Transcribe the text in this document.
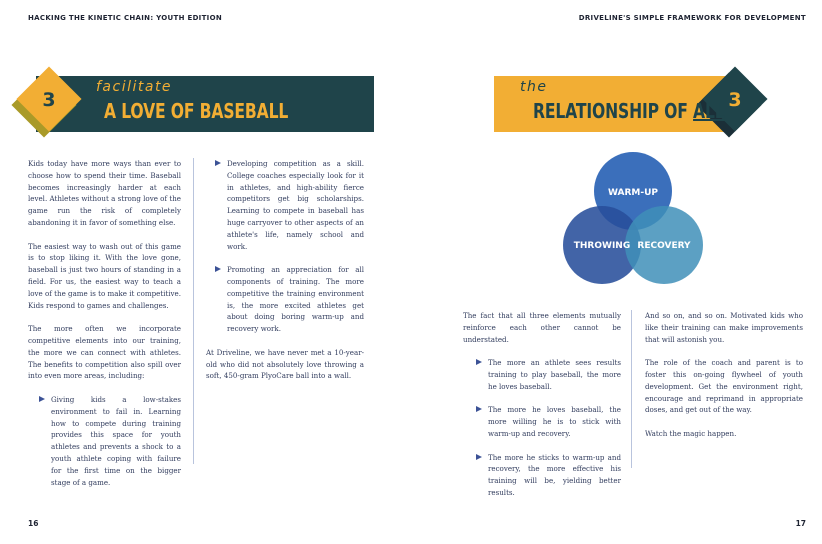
HACKING THE KINETIC CHAIN: YOUTH EDITION	DRIVELINE'S SIMPLE FRAMEWORK FOR DEVELOPMENT
3
facilitate
A LOVE OF BASEBALL

Kids today have more ways than ever to choose how to spend their time. Baseball becomes increasingly harder at each level. Athletes without a strong love of the game run the risk of completely abandoning it in favor of something else.

The easiest way to wash out of this game is to stop liking it. With the love gone, baseball is just two hours of standing in a field. For us, the easiest way to teach a love of the game is to make it competitive. Kids respond to games and challenges.

The more often we incorporate competitive elements into our training, the more we can connect with athletes. The benefits to competition also spill over into even more areas, including:

Giving kids a low-stakes environment to fail in. Learning how to compete during training provides this space for youth athletes and prevents a shock to a youth athlete coping with failure for the first time on the bigger stage of a game.
Developing competition as a skill. College coaches especially look for it in athletes, and high-ability fierce competitors get big scholarships. Learning to compete in baseball has huge carryover to other aspects of an athlete's life, namely school and work.
Promoting an appreciation for all components of training. The more competitive the training environment is, the more excited athletes get about doing boring warm-up and recovery work.

At Driveline, we have never met a 10-year-old who did not absolutely love throwing a soft, 450-gram PlyoCare ball into a wall.

3
the
RELATIONSHIP OF ALL
WARM-UP
THROWING RECOVERY

The fact that all three elements mutually reinforce each other cannot be understated.

The more an athlete sees results training to play baseball, the more he loves baseball.
The more he loves baseball, the more willing he is to stick with warm-up and recovery.
The more he sticks to warm-up and recovery, the more effective his training will be, yielding better results.

And so on, and so on. Motivated kids who like their training can make improvements that will astonish you.

The role of the coach and parent is to foster this on-going flywheel of youth development. Get the environment right, encourage and reprimand in appropriate doses, and get out of the way.

Watch the magic happen.

16	17
